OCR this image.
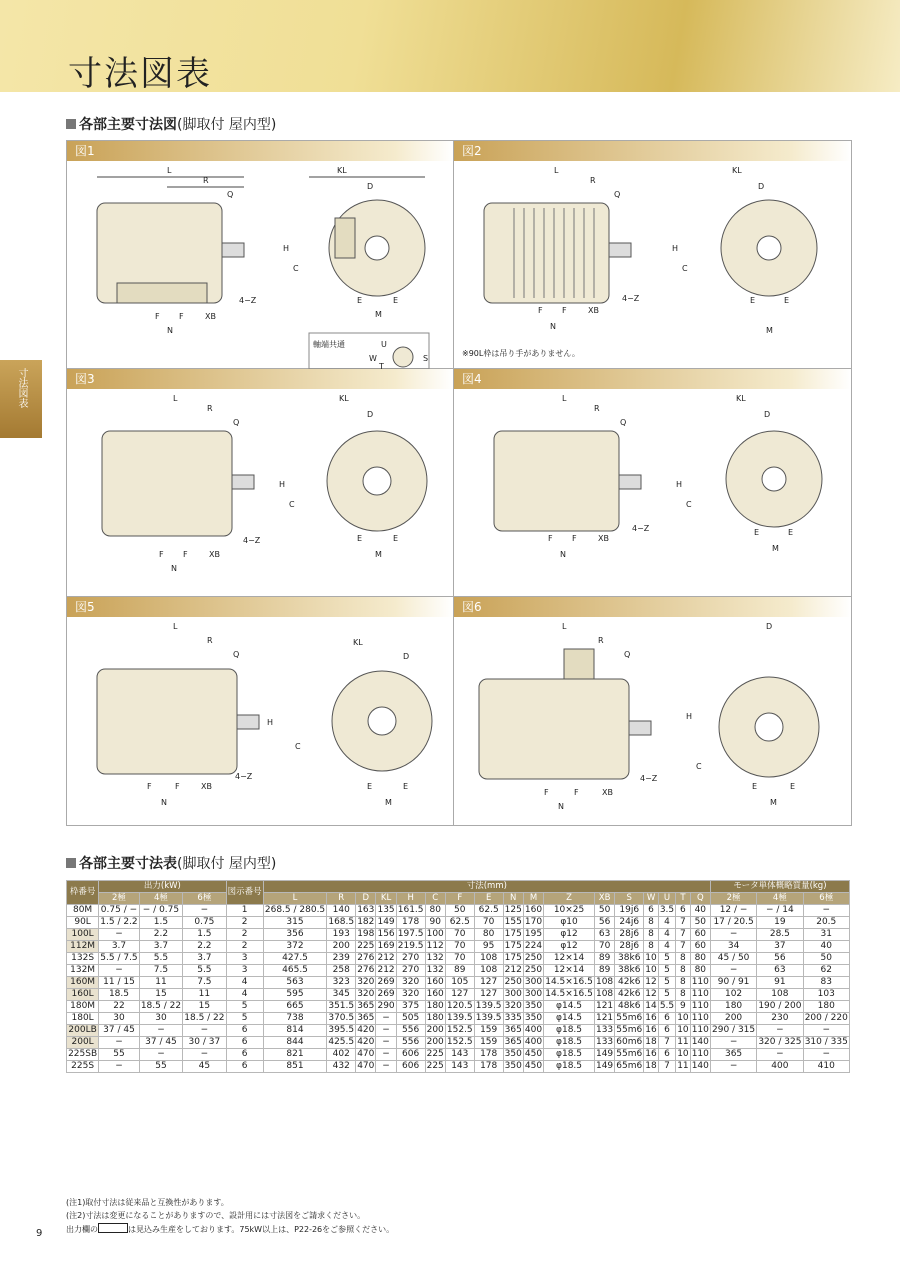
寸法図表
寸法図表
各部主要寸法図(脚取付 屋内型)
図1
L
R
Q
KL
D
H
C
E	E
M
F F
N
XB
4−Z
軸端共通	U
W
T
S
図2
L
R
Q
KL
D
H
C
E	E
M
F F
N
XB
4−Z
図3
L
R
Q
KL
D
H
C
E	E
M
F F
N
XB
4−Z
図4
L
R
Q
KL
D
H
C
E	E
M
F F
N
XB
4−Z
図5
L
R
Q
KL
D
H
C
E	E
M
F	F
N
XB
4−Z
図6
L
R
Q
D
H
C
E	E
M
F	F
N
XB
4−Z
※90L枠は吊り手がありません。
各部主要寸法表(脚取付 屋内型)
枠番号	出力(kW)			図示番号	寸法(mm)																	モータ単体概略質量(kg)		
	2極	4極	6極		L	R	D	KL	H	C	F	E	N	M	Z	XB	S	W	U	T	Q	2極	4極	6極
80M	0.75 / −	− / 0.75	−	1	268.5 / 280.5	140	163	135	161.5	80	50	62.5	125	160	10×25	50	19j6	6	3.5	6	40	12 / −	− / 14	−
90L	1.5 / 2.2	1.5	0.75	2	315	168.5	182	149	178	90	62.5	70	155	170	φ10	56	24j6	8	4	7	50	17 / 20.5	19	20.5
100L	−	2.2	1.5	2	356	193	198	156	197.5	100	70	80	175	195	φ12	63	28j6	8	4	7	60	−	28.5	31
112M	3.7	3.7	2.2	2	372	200	225	169	219.5	112	70	95	175	224	φ12	70	28j6	8	4	7	60	34	37	40
132S	5.5 / 7.5	5.5	3.7	3	427.5	239	276	212	270	132	70	108	175	250	12×14	89	38k6	10	5	8	80	45 / 50	56	50
132M	−	7.5	5.5	3	465.5	258	276	212	270	132	89	108	212	250	12×14	89	38k6	10	5	8	80	−	63	62
160M	11 / 15	11	7.5	4	563	323	320	269	320	160	105	127	250	300	14.5×16.5	108	42k6	12	5	8	110	90 / 91	91	83
160L	18.5	15	11	4	595	345	320	269	320	160	127	127	300	300	14.5×16.5	108	42k6	12	5	8	110	102	108	103
180M	22	18.5 / 22	15	5	665	351.5	365	290	375	180	120.5	139.5	320	350	φ14.5	121	48k6	14	5.5	9	110	180	190 / 200	180
180L	30	30	18.5 / 22	5	738	370.5	365	−	505	180	139.5	139.5	335	350	φ14.5	121	55m6	16	6	10	110	200	230	200 / 220
200LB	37 / 45	−	−	6	814	395.5	420	−	556	200	152.5	159	365	400	φ18.5	133	55m6	16	6	10	110	290 / 315	−	−
200L	−	37 / 45	30 / 37	6	844	425.5	420	−	556	200	152.5	159	365	400	φ18.5	133	60m6	18	7	11	140	−	320 / 325	310 / 335
225SB	55	−	−	6	821	402	470	−	606	225	143	178	350	450	φ18.5	149	55m6	16	6	10	110	365	−	−
225S	−	55	45	6	851	432	470	−	606	225	143	178	350	450	φ18.5	149	65m6	18	7	11	140	−	400	410
(注1)取付寸法は従来品と互換性があります。
(注2)寸法は変更になることがありますので、設計用には寸法図をご請求ください。
出力欄の	は見込み生産をしております。75kW以上は、P22-26をご参照ください。
9
